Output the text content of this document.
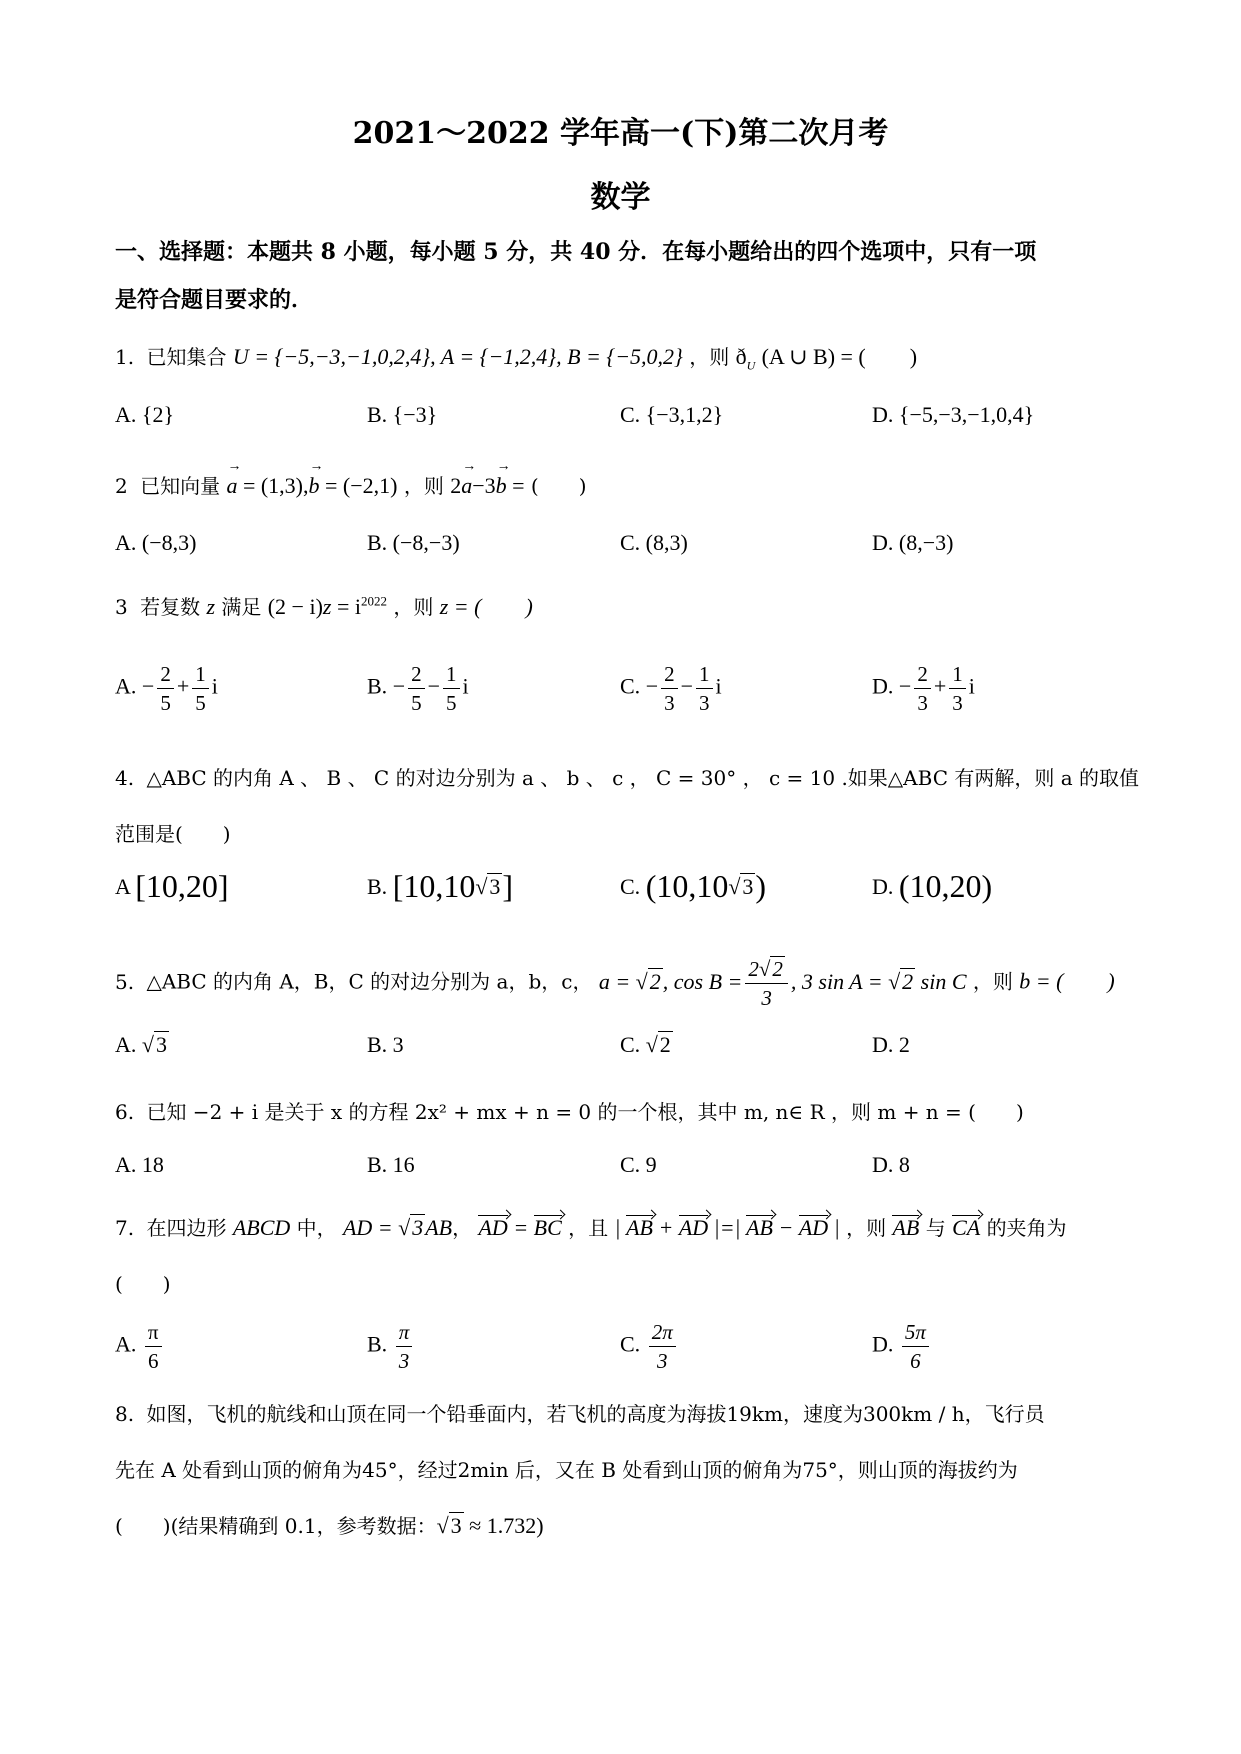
2021～2022 学年高一(下)第二次月考
数学
一、选择题：本题共 8 小题，每小题 5 分，共 40 分．在每小题给出的四个选项中，只有一项
是符合题目要求的．
1. 已知集合 U = {−5,−3,−1,0,2,4}, A = {−1,2,4}, B = {−5,0,2} ，则 $ð_U$ (A ∪ B) = (　　)
A. {2}	B. {−3}	C. {−3,1,2}	D. {−5,−3,−1,0,4}
2 已知向量 → a = (1,3),→ b = (−2,1) ，则 2→ a−3→ b = (　　)
A. (−8,3)	B. (−8,−3)	C. (8,3)	D. (8,−3)
3 若复数 z 满足 $(2 - i)z = i^{2022}$ ，则 z = (　　)
A. − $\frac{2}{5} + \frac{1}{5}$ i	B. − $\frac{2}{5} - \frac{1}{5}$ i	C. − $\frac{2}{3} - \frac{1}{3}$ i	D. − $\frac{2}{3} + \frac{1}{3}$ i
4. △ABC 的内角 A 、 B 、 C 的对边分别为 a 、 b 、 c ， C = 30° ， c = 10 .如果△ABC 有两解，则 a 的取值
范围是(　　)
A [10,20]	B. [10,10√3]	C. (10,10√3)	D. (10,20)
5. △ABC 的内角 A，B，C 的对边分别为 a，b，c， a = √2, $\cos B = \frac{2√2}{3}$ , 3 sin A = √2 sin C ，则 b = (　　)
A. √3	B. 3	C. √2	D. 2
6. 已知 −2 + i 是关于 x 的方程 2x² + mx + n = 0 的一个根，其中 m, n∈ R ，则 m + n = (　　)
A. 18	B. 16	C. 9	D. 8
7. 在四边形 ABCD 中， AD = √3AB， AD = BC ，且 | AB + AD |=| AB − AD | ，则 AB 与 CA 的夹角为
(　　)
A. $\frac{\pi}{6}$	B. $\frac{\pi}{3}$	C. $\frac{2\pi}{3}$	D. $\frac{5\pi}{6}$
8. 如图，飞机的航线和山顶在同一个铅垂面内，若飞机的高度为海拔19km，速度为300km / h，飞行员
先在 A 处看到山顶的俯角为45°，经过2min 后，又在 B 处看到山顶的俯角为75°，则山顶的海拔约为
(　　)(结果精确到 0.1，参考数据：√3 ≈ 1.732)
